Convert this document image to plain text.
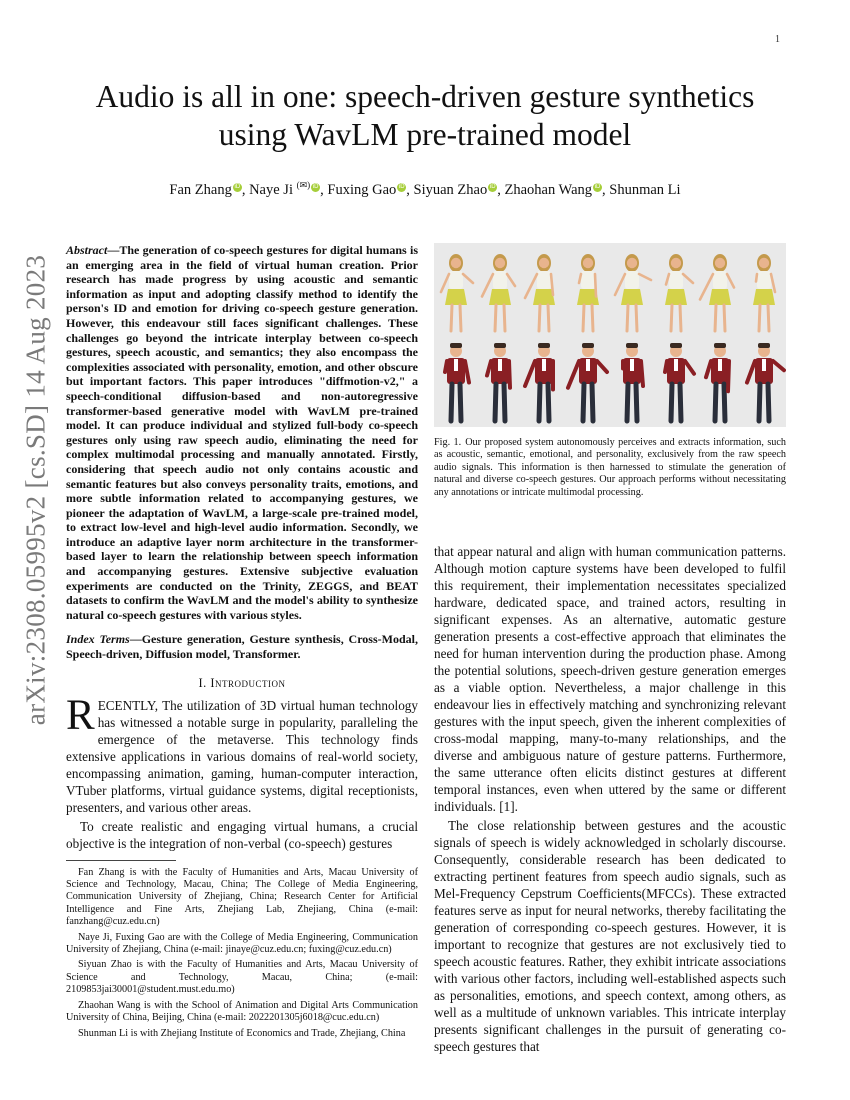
1
arXiv:2308.05995v2 [cs.SD] 14 Aug 2023
Audio is all in one: speech-driven gesture synthetics
using WavLM pre-trained model
Fan Zhang iD , Naye Ji (✉) iD , Fuxing Gao iD , Siyuan Zhao iD , Zhaohan Wang iD , Shunman Li

Abstract—The generation of co-speech gestures for digital humans is an emerging area in the field of virtual human creation. Prior research has made progress by using acoustic and semantic information as input and adopting classify method to identify the person's ID and emotion for driving co-speech gesture generation. However, this endeavour still faces significant challenges. These challenges go beyond the intricate interplay between co-speech gestures, speech acoustic, and semantics; they also encompass the complexities associated with personality, emotion, and other obscure but important factors. This paper introduces "diffmotion-v2," a speech-conditional diffusion-based and non-autoregressive transformer-based generative model with WavLM pre-trained model. It can produce individual and stylized full-body co-speech gestures only using raw speech audio, eliminating the need for complex multimodal processing and manually annotated. Firstly, considering that speech audio not only contains acoustic and semantic features but also conveys personality traits, emotions, and more subtle information related to accompanying gestures, we pioneer the adaptation of WavLM, a large-scale pre-trained model, to extract low-level and high-level audio information. Secondly, we introduce an adaptive layer norm architecture in the transformer-based layer to learn the relationship between speech information and accompanying gestures. Extensive subjective evaluation experiments are conducted on the Trinity, ZEGGS, and BEAT datasets to confirm the WavLM and the model's ability to synthesize natural co-speech gestures with various styles.

Index Terms—Gesture generation, Gesture synthesis, Cross-Modal, Speech-driven, Diffusion model, Transformer.

I. Introduction

RECENTLY, The utilization of 3D virtual human technology has witnessed a notable surge in popularity, paralleling the emergence of the metaverse. This technology finds extensive applications in various domains of real-world society, encompassing animation, gaming, human-computer interaction, VTuber platforms, virtual guidance systems, digital receptionists, presenters, and various other areas.

To create realistic and engaging virtual humans, a crucial objective is the integration of non-verbal (co-speech) gestures

Fan Zhang is with the Faculty of Humanities and Arts, Macau University of Science and Technology, Macau, China; The College of Media Engineering, Communication University of Zhejiang, China; Research Center for Artificial Intelligence and Fine Arts, Zhejiang Lab, Zhejiang, China (e-mail: fanzhang@cuz.edu.cn)

Naye Ji, Fuxing Gao are with the College of Media Engineering, Communication University of Zhejiang, China (e-mail: jinaye@cuz.edu.cn; fuxing@cuz.edu.cn)

Siyuan Zhao is with the Faculty of Humanities and Arts, Macau University of Science and Technology, Macau, China; (e-mail: 2109853jai30001@student.must.edu.mo)

Zhaohan Wang is with the School of Animation and Digital Arts Communication University of China, Beijing, China (e-mail: 2022201305j6018@cuc.edu.cn)

Shunman Li is with Zhejiang Institute of Economics and Trade, Zhejiang, China

Fig. 1. Our proposed system autonomously perceives and extracts information, such as acoustic, semantic, emotional, and personality, exclusively from the raw speech audio signals. This information is then harnessed to stimulate the generation of natural and diverse co-speech gestures. Our approach performs without necessitating any annotations or intricate multimodal processing.

that appear natural and align with human communication patterns. Although motion capture systems have been developed to fulfil this requirement, their implementation necessitates specialized hardware, dedicated space, and trained actors, resulting in significant expenses. As an alternative, automatic gesture generation presents a cost-effective approach that eliminates the need for human intervention during the production phase. Among the potential solutions, speech-driven gesture generation emerges as a viable option. Nevertheless, a major challenge in this endeavour lies in effectively matching and synchronizing relevant gestures with the input speech, given the inherent complexities of cross-modal mapping, many-to-many relationships, and the diverse and ambiguous nature of gesture patterns. Furthermore, the same utterance often elicits distinct gestures at different temporal instances, even when uttered by the same or different individuals. [1].

The close relationship between gestures and the acoustic signals of speech is widely acknowledged in scholarly discourse. Consequently, considerable research has been dedicated to extracting pertinent features from speech audio signals, such as Mel-Frequency Cepstrum Coefficients(MFCCs). These extracted features serve as input for neural networks, thereby facilitating the generation of corresponding co-speech gestures. However, it is important to recognize that gestures are not exclusively tied to speech acoustic features. Rather, they exhibit intricate associations with various other factors, including well-established aspects such as personalities, emotions, and speech context, among others, as well as a multitude of unknown variables. This intricate interplay presents significant challenges in the pursuit of generating co-speech gestures that
